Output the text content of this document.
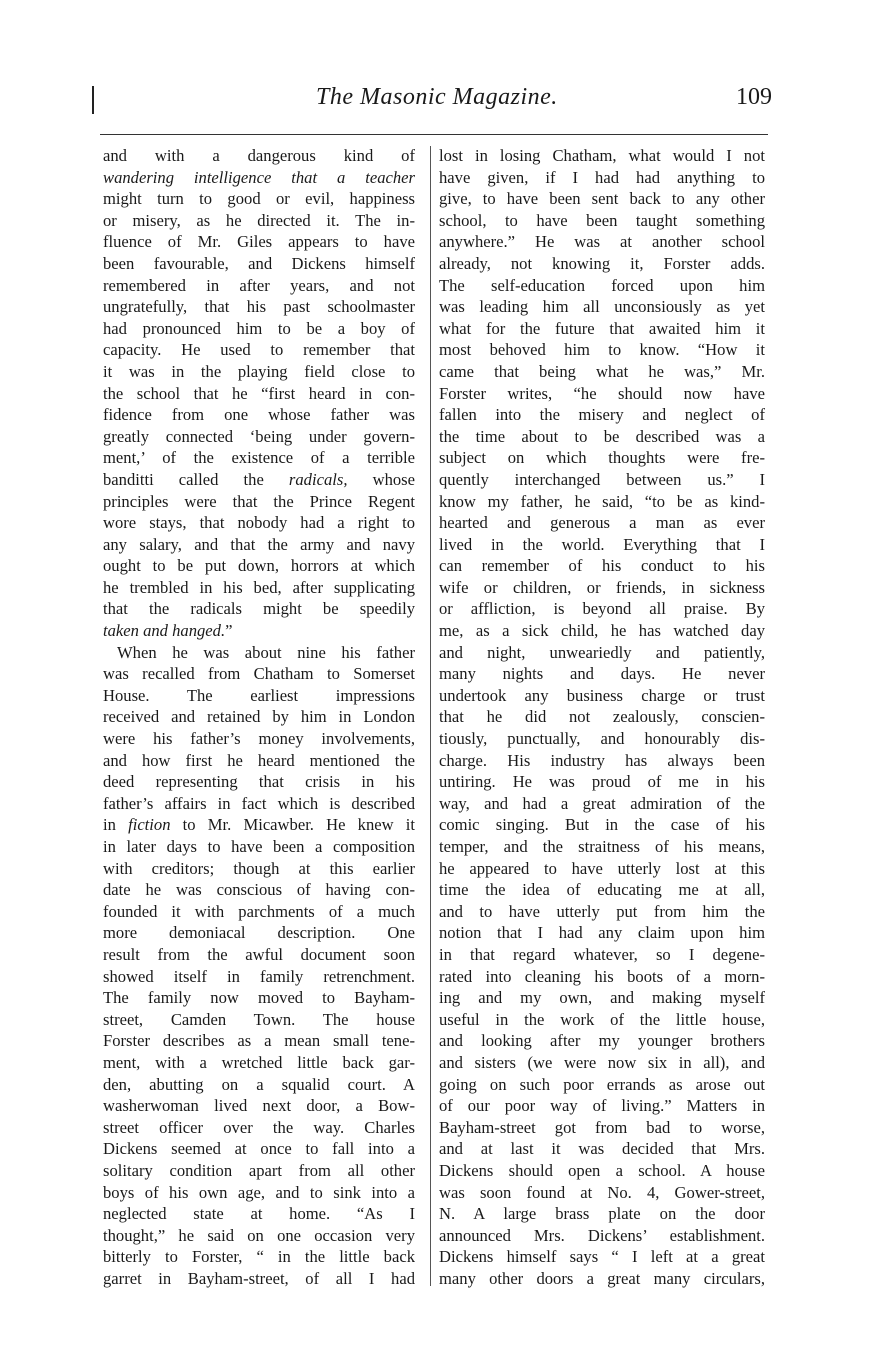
The Masonic Magazine.	109
and with a dangerous kind of
wandering intelligence that a teacher
might turn to good or evil, happiness
or misery, as he directed it. The in-
fluence of Mr. Giles appears to have
been favourable, and Dickens himself
remembered in after years, and not
ungratefully, that his past schoolmaster
had pronounced him to be a boy of
capacity. He used to remember that
it was in the playing field close to
the school that he “first heard in con-
fidence from one whose father was
greatly connected ‘being under govern-
ment,’ of the existence of a terrible
banditti called the radicals, whose
principles were that the Prince Regent
wore stays, that nobody had a right to
any salary, and that the army and navy
ought to be put down, horrors at which
he trembled in his bed, after supplicating
that the radicals might be speedily
taken and hanged.”
When he was about nine his father
was recalled from Chatham to Somerset
House. The earliest impressions
received and retained by him in London
were his father’s money involvements,
and how first he heard mentioned the
deed representing that crisis in his
father’s affairs in fact which is described
in fiction to Mr. Micawber. He knew it
in later days to have been a composition
with creditors; though at this earlier
date he was conscious of having con-
founded it with parchments of a much
more demoniacal description. One
result from the awful document soon
showed itself in family retrenchment.
The family now moved to Bayham-
street, Camden Town. The house
Forster describes as a mean small tene-
ment, with a wretched little back gar-
den, abutting on a squalid court. A
washerwoman lived next door, a Bow-
street officer over the way. Charles
Dickens seemed at once to fall into a
solitary condition apart from all other
boys of his own age, and to sink into a
neglected state at home. “As I
thought,” he said on one occasion very
bitterly to Forster, “ in the little back
garret in Bayham-street, of all I had
lost in losing Chatham, what would I not
have given, if I had had anything to
give, to have been sent back to any other
school, to have been taught something
anywhere.” He was at another school
already, not knowing it, Forster adds.
The self-education forced upon him
was leading him all unconsiously as yet
what for the future that awaited him it
most behoved him to know. “How it
came that being what he was,” Mr.
Forster writes, “he should now have
fallen into the misery and neglect of
the time about to be described was a
subject on which thoughts were fre-
quently interchanged between us.” I
know my father, he said, “to be as kind-
hearted and generous a man as ever
lived in the world. Everything that I
can remember of his conduct to his
wife or children, or friends, in sickness
or affliction, is beyond all praise. By
me, as a sick child, he has watched day
and night, unweariedly and patiently,
many nights and days. He never
undertook any business charge or trust
that he did not zealously, conscien-
tiously, punctually, and honourably dis-
charge. His industry has always been
untiring. He was proud of me in his
way, and had a great admiration of the
comic singing. But in the case of his
temper, and the straitness of his means,
he appeared to have utterly lost at this
time the idea of educating me at all,
and to have utterly put from him the
notion that I had any claim upon him
in that regard whatever, so I degene-
rated into cleaning his boots of a morn-
ing and my own, and making myself
useful in the work of the little house,
and looking after my younger brothers
and sisters (we were now six in all), and
going on such poor errands as arose out
of our poor way of living.” Matters in
Bayham-street got from bad to worse,
and at last it was decided that Mrs.
Dickens should open a school. A house
was soon found at No. 4, Gower-street,
N. A large brass plate on the door
announced Mrs. Dickens’ establishment.
Dickens himself says “ I left at a great
many other doors a great many circulars,
